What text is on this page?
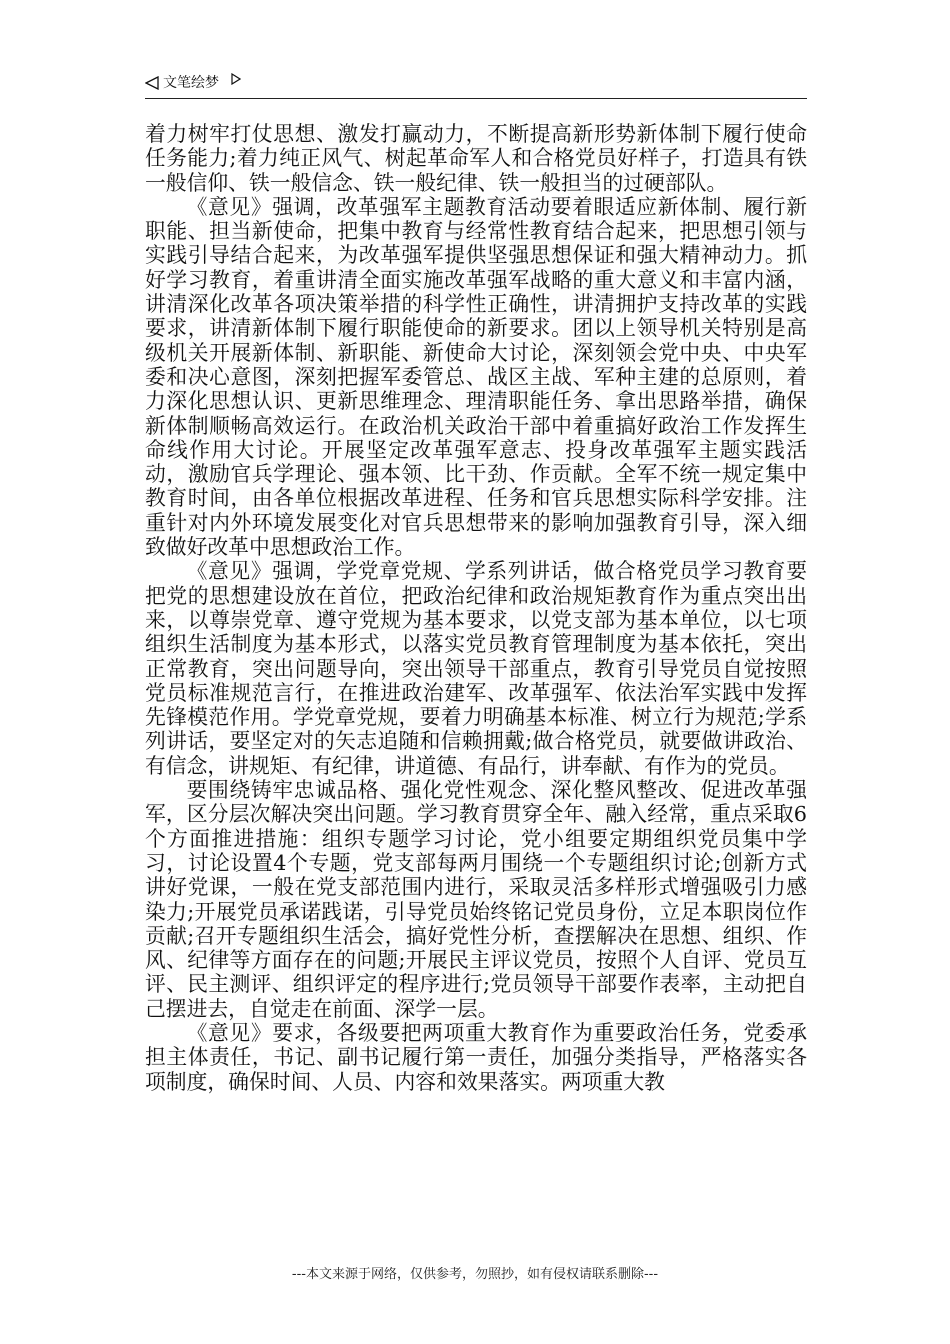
文笔绘梦

着力树牢打仗思想、激发打赢动力，不断提高新形势新体制下履行使命任务能力;着力纯正风气、树起革命军人和合格党员好样子，打造具有铁一般信仰、铁一般信念、铁一般纪律、铁一般担当的过硬部队。

《意见》强调，改革强军主题教育活动要着眼适应新体制、履行新职能、担当新使命，把集中教育与经常性教育结合起来，把思想引领与实践引导结合起来，为改革强军提供坚强思想保证和强大精神动力。抓好学习教育，着重讲清全面实施改革强军战略的重大意义和丰富内涵，讲清深化改革各项决策举措的科学性正确性，讲清拥护支持改革的实践要求，讲清新体制下履行职能使命的新要求。团以上领导机关特别是高级机关开展新体制、新职能、新使命大讨论，深刻领会党中央、中央军委和决心意图，深刻把握军委管总、战区主战、军种主建的总原则，着力深化思想认识、更新思维理念、理清职能任务、拿出思路举措，确保新体制顺畅高效运行。在政治机关政治干部中着重搞好政治工作发挥生命线作用大讨论。开展坚定改革强军意志、投身改革强军主题实践活动，激励官兵学理论、强本领、比干劲、作贡献。全军不统一规定集中教育时间，由各单位根据改革进程、任务和官兵思想实际科学安排。注重针对内外环境发展变化对官兵思想带来的影响加强教育引导，深入细致做好改革中思想政治工作。

《意见》强调，学党章党规、学系列讲话，做合格党员学习教育要把党的思想建设放在首位，把政治纪律和政治规矩教育作为重点突出出来，以尊崇党章、遵守党规为基本要求，以党支部为基本单位，以七项组织生活制度为基本形式，以落实党员教育管理制度为基本依托，突出正常教育，突出问题导向，突出领导干部重点，教育引导党员自觉按照党员标准规范言行，在推进政治建军、改革强军、依法治军实践中发挥先锋模范作用。学党章党规，要着力明确基本标准、树立行为规范;学系列讲话，要坚定对的矢志追随和信赖拥戴;做合格党员，就要做讲政治、有信念，讲规矩、有纪律，讲道德、有品行，讲奉献、有作为的党员。

要围绕铸牢忠诚品格、强化党性观念、深化整风整改、促进改革强军，区分层次解决突出问题。学习教育贯穿全年、融入经常，重点采取6个方面推进措施：组织专题学习讨论，党小组要定期组织党员集中学习，讨论设置4个专题，党支部每两月围绕一个专题组织讨论;创新方式讲好党课，一般在党支部范围内进行，采取灵活多样形式增强吸引力感染力;开展党员承诺践诺，引导党员始终铭记党员身份，立足本职岗位作贡献;召开专题组织生活会，搞好党性分析，查摆解决在思想、组织、作风、纪律等方面存在的问题;开展民主评议党员，按照个人自评、党员互评、民主测评、组织评定的程序进行;党员领导干部要作表率，主动把自己摆进去，自觉走在前面、深学一层。

《意见》要求，各级要把两项重大教育作为重要政治任务，党委承担主体责任，书记、副书记履行第一责任，加强分类指导，严格落实各项制度，确保时间、人员、内容和效果落实。两项重大教

---本文来源于网络，仅供参考，勿照抄，如有侵权请联系删除---
